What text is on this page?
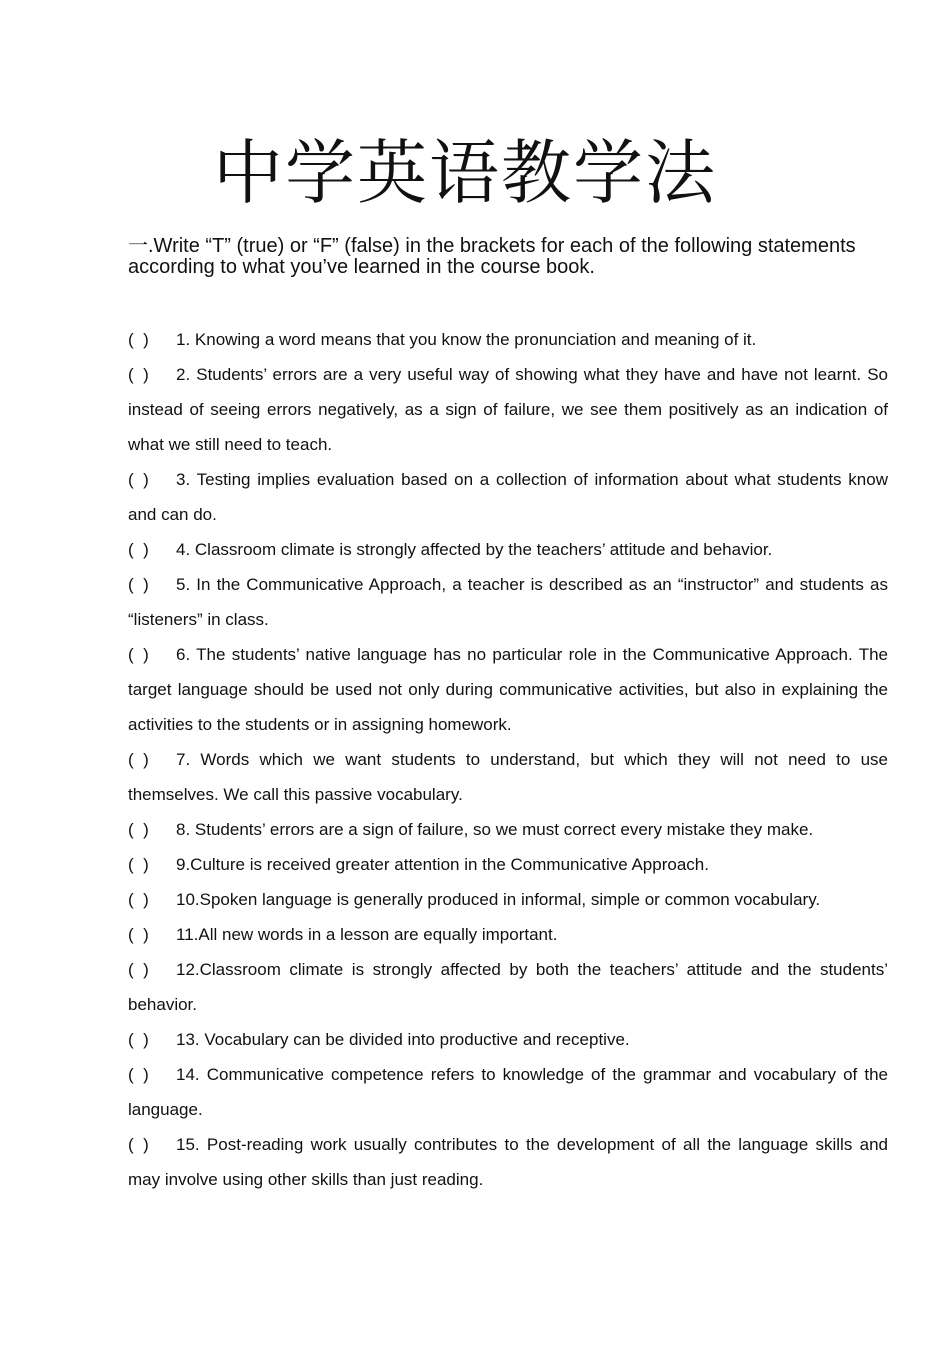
中学英语教学法

一.Write “T” (true) or “F” (false) in the brackets for each of the following statements according to what you’ve learned in the course book.

(  ) 1. Knowing a word means that you know the pronunciation and meaning of it.
(  ) 2. Students’ errors are a very useful way of showing what they have and have not learnt. So instead of seeing errors negatively, as a sign of failure, we see them positively as an indication of what we still need to teach.
(  ) 3. Testing implies evaluation based on a collection of information about what students know and can do.
(  ) 4. Classroom climate is strongly affected by the teachers’ attitude and behavior.
(  ) 5. In the Communicative Approach, a teacher is described as an “instructor” and students as “listeners” in class.
(  ) 6. The students’ native language has no particular role in the Communicative Approach. The target language should be used not only during communicative activities, but also in explaining the activities to the students or in assigning homework.
(  ) 7. Words which we want students to understand, but which they will not need to use themselves. We call this passive vocabulary.
(  ) 8. Students’ errors are a sign of failure, so we must correct every mistake they make.
(  ) 9.Culture is received greater attention in the Communicative Approach.
(  ) 10.Spoken language is generally produced in informal, simple or common vocabulary.
(  ) 11.All new words in a lesson are equally important.
(  ) 12.Classroom climate is strongly affected by both the teachers’ attitude and the students’ behavior.
(  ) 13. Vocabulary can be divided into productive and receptive.
(  ) 14. Communicative competence refers to knowledge of the grammar and vocabulary of the language.
(  ) 15. Post-reading work usually contributes to the development of all the language skills and may involve using other skills than just reading.
